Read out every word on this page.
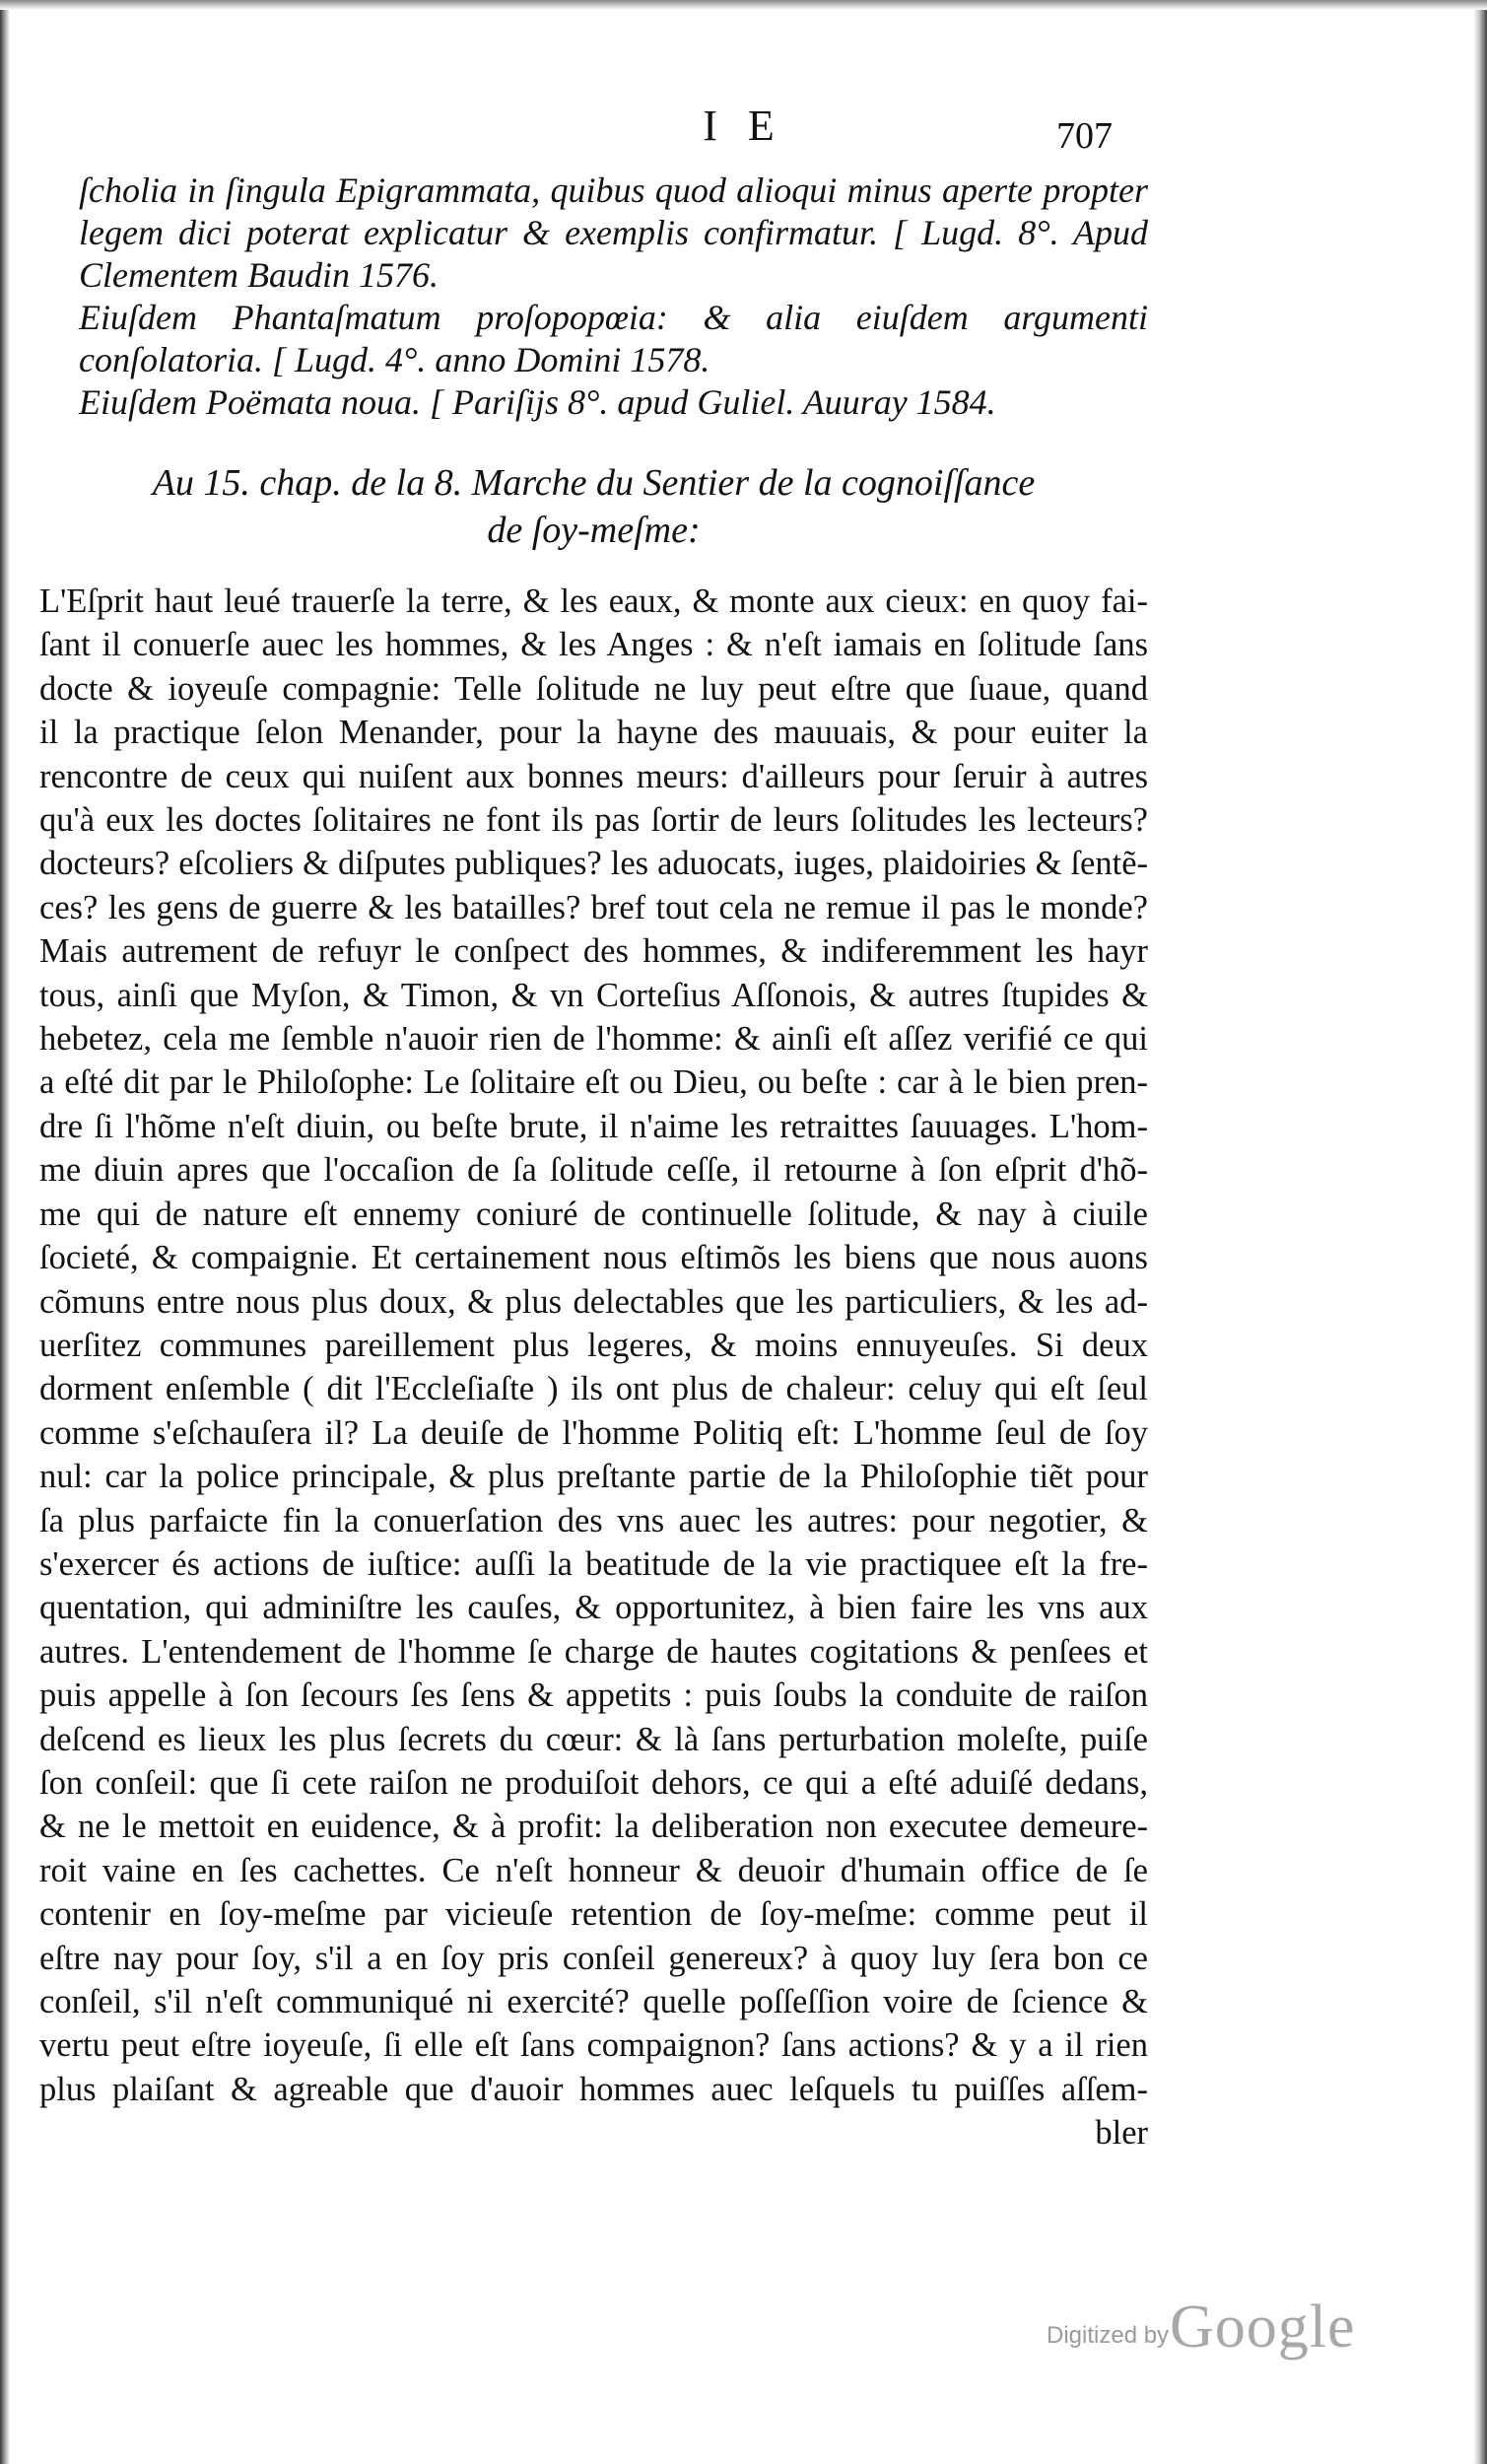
I E	707
ſcholia in ſingula Epigrammata, quibus quod alioqui minus aperte propter legem dici poterat explicatur & exemplis confirmatur. [ Lugd. 8°. Apud Clementem Baudin 1576.
Eiuſdem Phantaſmatum proſopopœia: & alia eiuſdem argumenti conſolatoria. [ Lugd. 4°. anno Domini 1578.
Eiuſdem Poëmata noua. [ Pariſijs 8°. apud Guliel. Auuray 1584.
Au 15. chap. de la 8. Marche du Sentier de la cognoiſſance
de ſoy-meſme:
L'Eſprit haut leué trauerſe la terre, & les eaux, & monte aux cieux: en quoy fai-
ſant il conuerſe auec les hommes, & les Anges : & n'eſt iamais en ſolitude ſans
docte & ioyeuſe compagnie: Telle ſolitude ne luy peut eſtre que ſuaue, quand
il la practique ſelon Menander, pour la hayne des mauuais, & pour euiter la
rencontre de ceux qui nuiſent aux bonnes meurs: d'ailleurs pour ſeruir à autres
qu'à eux les doctes ſolitaires ne font ils pas ſortir de leurs ſolitudes les lecteurs?
docteurs? eſcoliers & diſputes publiques? les aduocats, iuges, plaidoiries & ſentẽ-
ces? les gens de guerre & les batailles? bref tout cela ne remue il pas le monde?
Mais autrement de refuyr le conſpect des hommes, & indiferemment les hayr
tous, ainſi que Myſon, & Timon, & vn Corteſius Aſſonois, & autres ſtupides &
hebetez, cela me ſemble n'auoir rien de l'homme: & ainſi eſt aſſez verifié ce qui
a eſté dit par le Philoſophe: Le ſolitaire eſt ou Dieu, ou beſte : car à le bien pren-
dre ſi l'hõme n'eſt diuin, ou beſte brute, il n'aime les retraittes ſauuages. L'hom-
me diuin apres que l'occaſion de ſa ſolitude ceſſe, il retourne à ſon eſprit d'hõ-
me qui de nature eſt ennemy coniuré de continuelle ſolitude, & nay à ciuile
ſocieté, & compaignie. Et certainement nous eſtimõs les biens que nous auons
cõmuns entre nous plus doux, & plus delectables que les particuliers, & les ad-
uerſitez communes pareillement plus legeres, & moins ennuyeuſes. Si deux
dorment enſemble ( dit l'Eccleſiaſte ) ils ont plus de chaleur: celuy qui eſt ſeul
comme s'eſchauſera il? La deuiſe de l'homme Politiq eſt: L'homme ſeul de ſoy
nul: car la police principale, & plus preſtante partie de la Philoſophie tiẽt pour
ſa plus parfaicte fin la conuerſation des vns auec les autres: pour negotier, &
s'exercer és actions de iuſtice: auſſi la beatitude de la vie practiquee eſt la fre-
quentation, qui adminiſtre les cauſes, & opportunitez, à bien faire les vns aux
autres. L'entendement de l'homme ſe charge de hautes cogitations & penſees et
puis appelle à ſon ſecours ſes ſens & appetits : puis ſoubs la conduite de raiſon
deſcend es lieux les plus ſecrets du cœur: & là ſans perturbation moleſte, puiſe
ſon conſeil: que ſi cete raiſon ne produiſoit dehors, ce qui a eſté aduiſé dedans,
& ne le mettoit en euidence, & à profit: la deliberation non executee demeure-
roit vaine en ſes cachettes. Ce n'eſt honneur & deuoir d'humain office de ſe
contenir en ſoy-meſme par vicieuſe retention de ſoy-meſme: comme peut il
eſtre nay pour ſoy, s'il a en ſoy pris conſeil genereux? à quoy luy ſera bon ce
conſeil, s'il n'eſt communiqué ni exercité? quelle poſſeſſion voire de ſcience &
vertu peut eſtre ioyeuſe, ſi elle eſt ſans compaignon? ſans actions? & y a il rien
plus plaiſant & agreable que d'auoir hommes auec leſquels tu puiſſes aſſem-
bler
Digitized by Google
